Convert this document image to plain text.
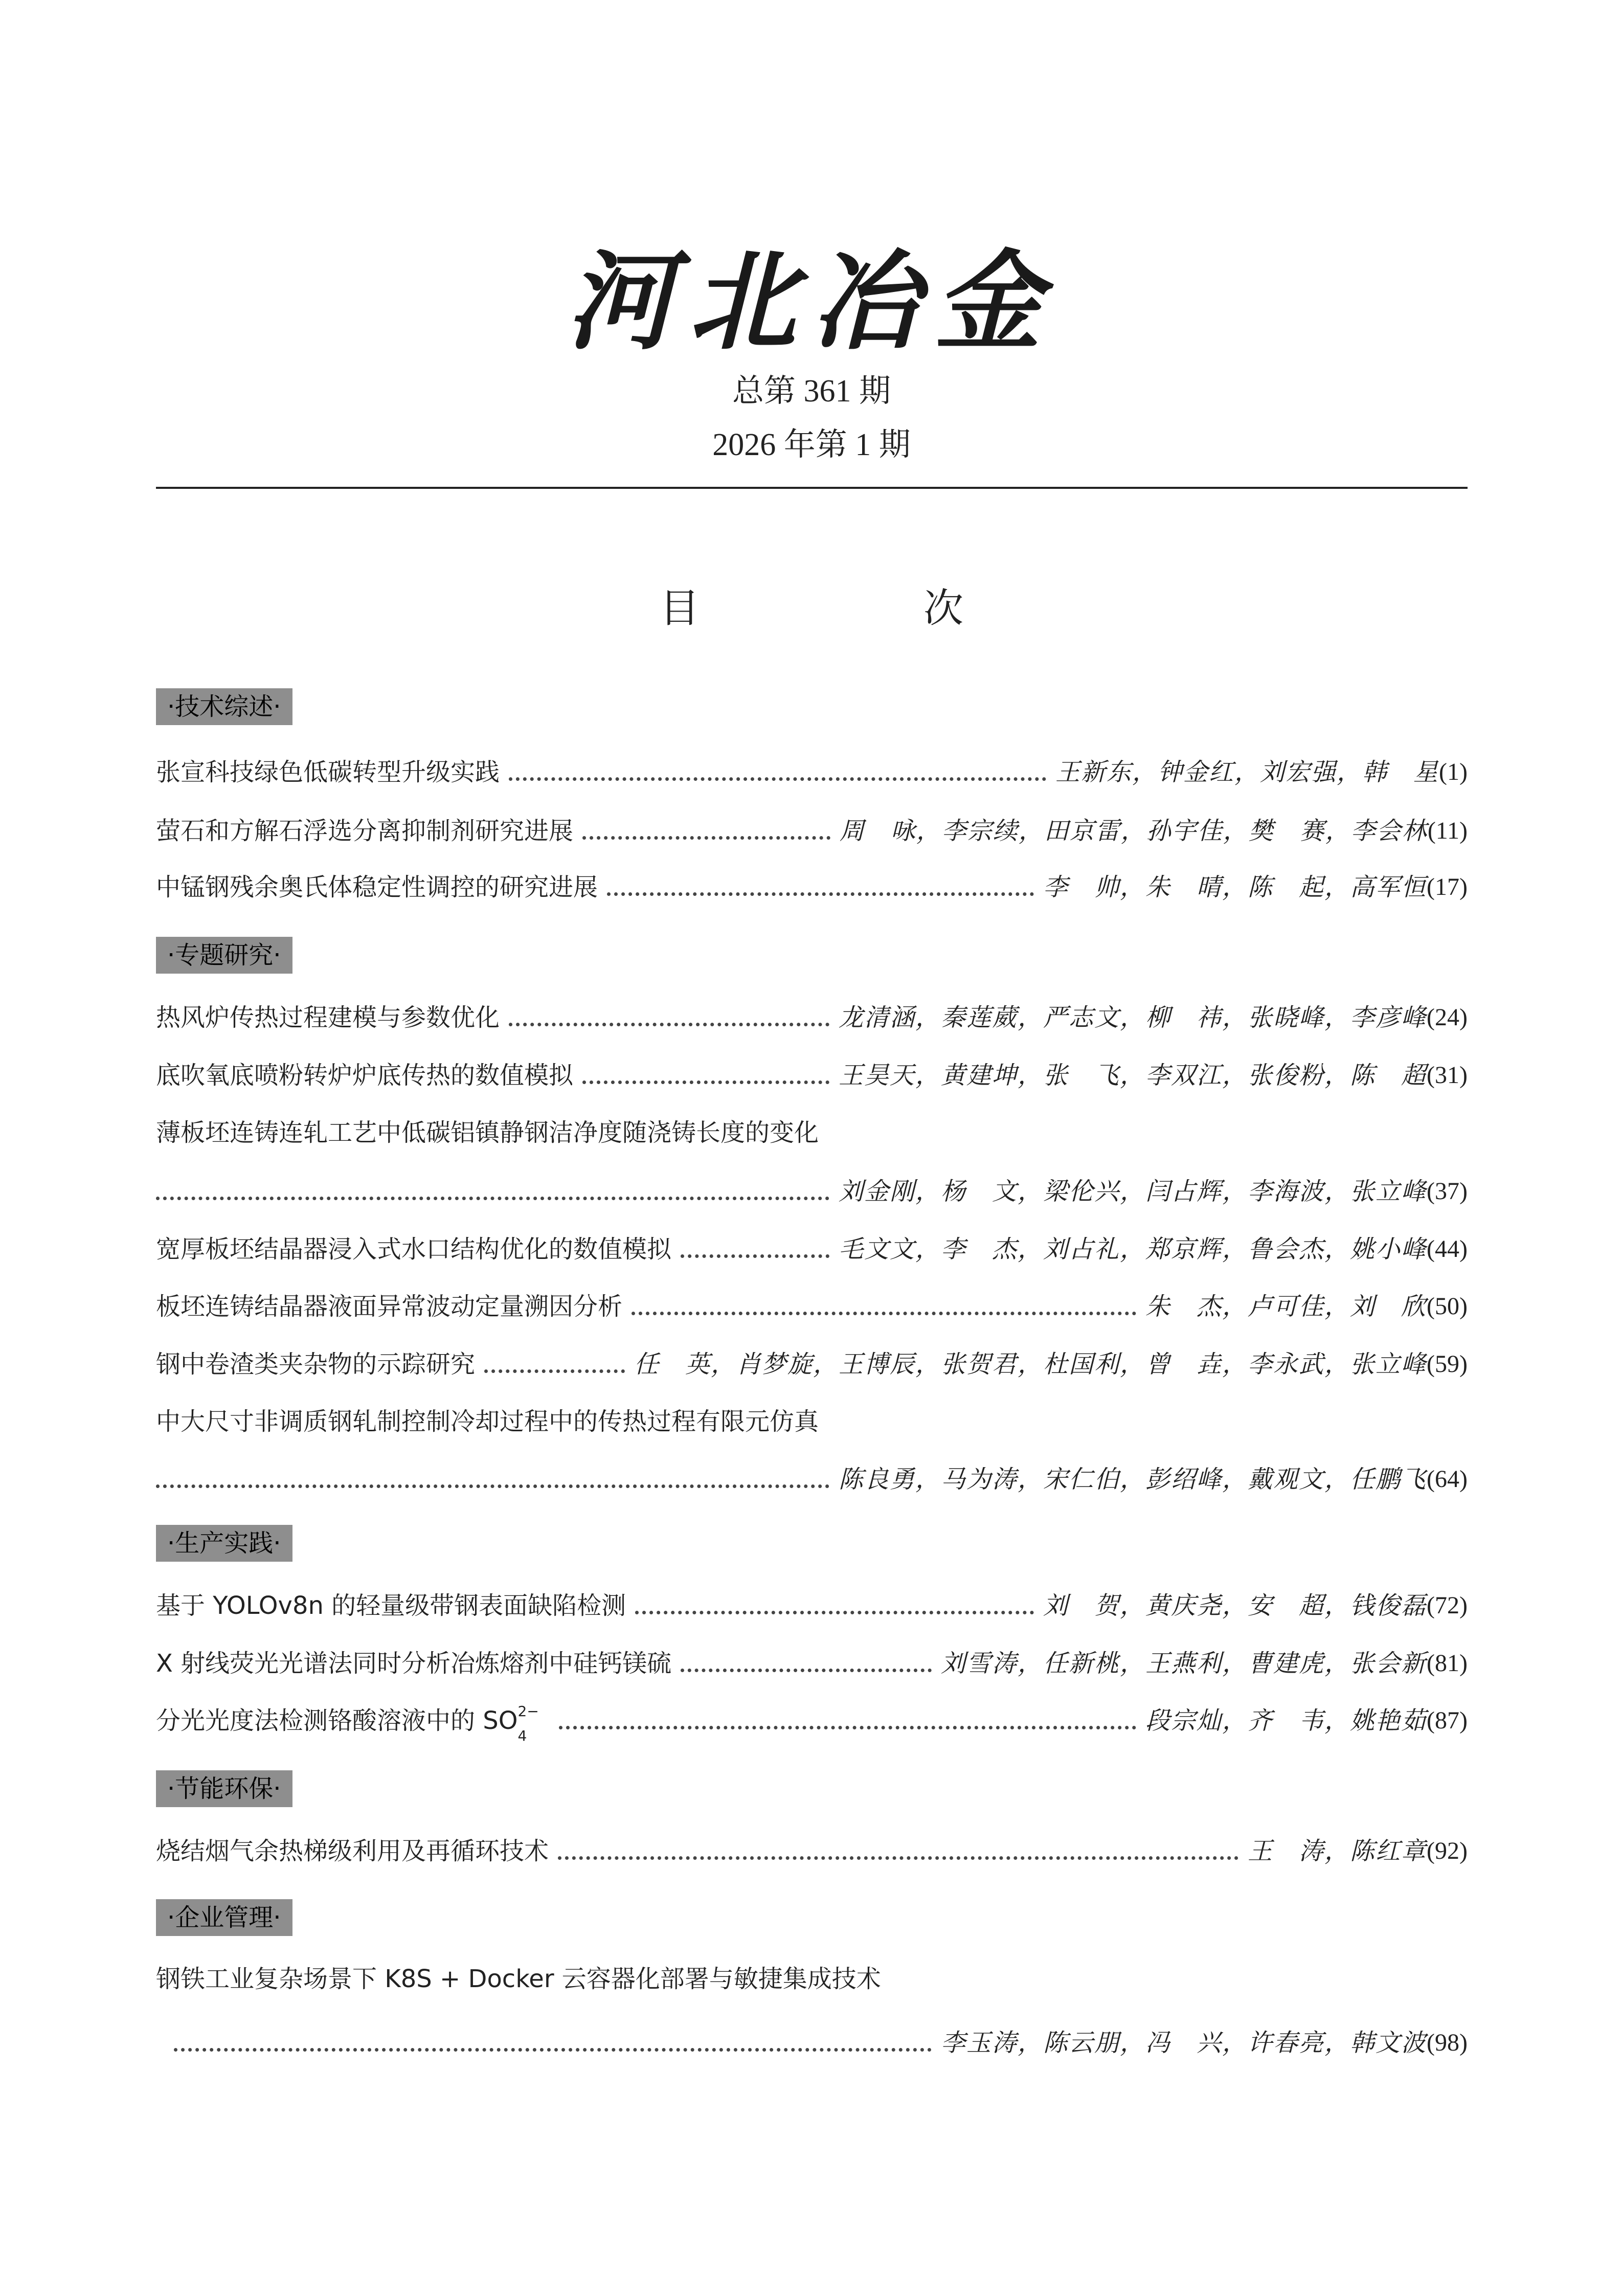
河北冶金
总第 361 期
2026 年第 1 期
目　次
·技术综述·
张宣科技绿色低碳转型升级实践	王新东，钟金红，刘宏强，韩　星 (1)
萤石和方解石浮选分离抑制剂研究进展	周　咏，李宗续，田京雷，孙宇佳，樊　赛，李会林 (11)
中锰钢残余奥氏体稳定性调控的研究进展	李　帅，朱　晴，陈　起，高军恒 (17)
·专题研究·
热风炉传热过程建模与参数优化	龙清涵，秦莲葳，严志文，柳　祎，张晓峰，李彦峰 (24)
底吹氧底喷粉转炉炉底传热的数值模拟	王昊天，黄建坤，张　飞，李双江，张俊粉，陈　超 (31)
薄板坯连铸连轧工艺中低碳铝镇静钢洁净度随浇铸长度的变化
刘金刚，杨　文，梁伦兴，闫占辉，李海波，张立峰 (37)
宽厚板坯结晶器浸入式水口结构优化的数值模拟	毛文文，李　杰，刘占礼，郑京辉，鲁会杰，姚小峰 (44)
板坯连铸结晶器液面异常波动定量溯因分析	朱　杰，卢可佳，刘　欣 (50)
钢中卷渣类夹杂物的示踪研究	任　英，肖梦旋，王博辰，张贺君，杜国利，曾　垚，李永武，张立峰 (59)
中大尺寸非调质钢轧制控制冷却过程中的传热过程有限元仿真
陈良勇，马为涛，宋仁伯，彭绍峰，戴观文，任鹏飞 (64)
·生产实践·
基于 YOLOv8n 的轻量级带钢表面缺陷检测	刘　贺，黄庆尧，安　超，钱俊磊 (72)
X 射线荧光光谱法同时分析冶炼熔剂中硅钙镁硫	刘雪涛，任新桃，王燕利，曹建虎，张会新 (81)
分光光度法检测铬酸溶液中的 SO 2−
4
段宗灿，齐　韦，姚艳茹 (87)
·节能环保·
烧结烟气余热梯级利用及再循环技术	王　涛，陈红章 (92)
·企业管理·
钢铁工业复杂场景下 K8S + Docker 云容器化部署与敏捷集成技术
李玉涛，陈云朋，冯　兴，许春亮，韩文波 (98)
